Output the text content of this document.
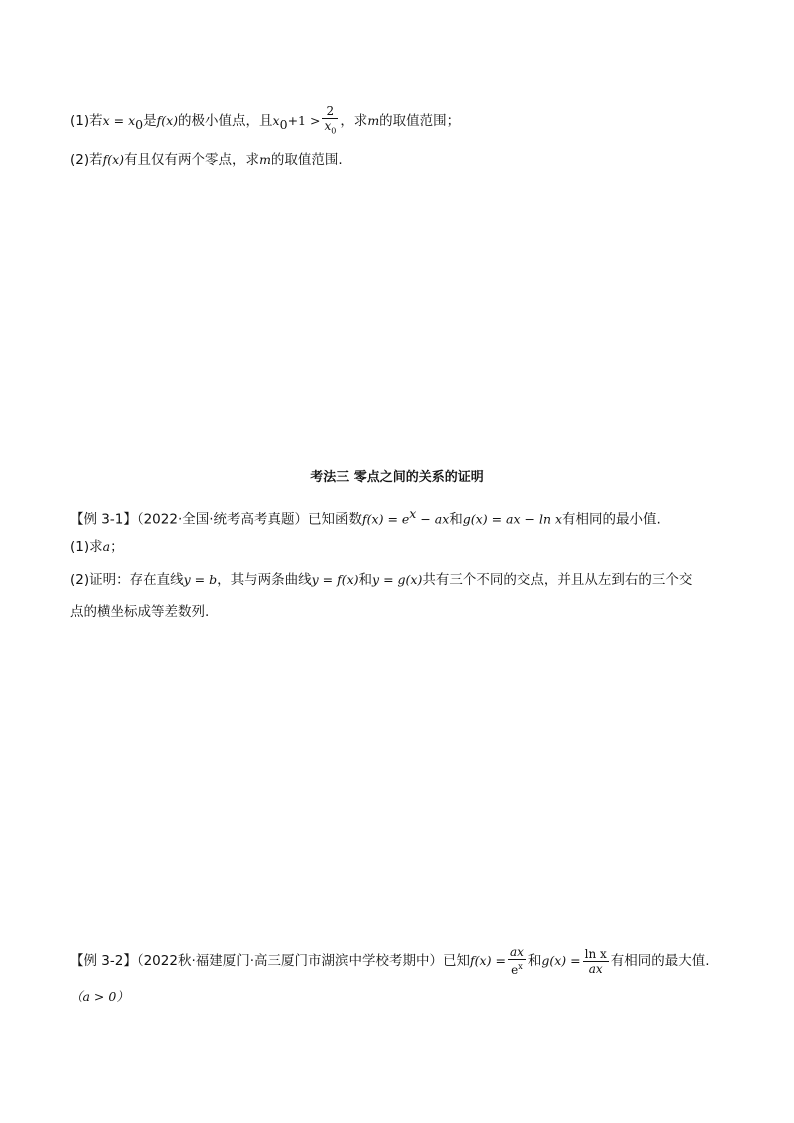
(1)若$x = x_0$是f(x)的极小值点，且$x_0+1 > \frac{2}{x_0}$ ，求m的取值范围；
(2)若f(x)有且仅有两个零点，求m的取值范围.
考法三 零点之间的关系的证明
【例 3-1】（2022·全国·统考高考真题）已知函数$f(x) = e^x$ − ax和g(x) = ax − ln x有相同的最小值.
(1)求a；
(2)证明：存在直线y = b，其与两条曲线y = f(x)和y = g(x)共有三个不同的交点，并且从左到右的三个交
点的横坐标成等差数列.
【例 3-2】（2022秋·福建厦门·高三厦门市湖滨中学校考期中）已知$f(x) = \frac{ax}{e^x}$ 和$g(x) = \frac{\text{ln x}}{ax}$ 有相同的最大值.
（a > 0）
